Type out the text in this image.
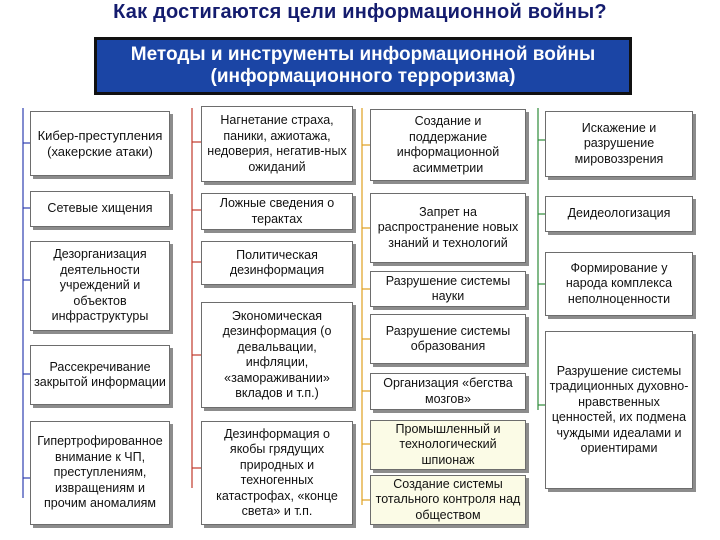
Как достигаются цели информационной войны?
Методы и инструменты информационной войны (информационного терроризма)
Кибер-преступления (хакерские атаки)
Сетевые хищения
Дезорганизация деятельности учреждений и объектов инфраструктуры
Рассекречивание закрытой информации
Гипертрофированное внимание к ЧП, преступлениям, извращениям и прочим аномалиям
Нагнетание страха, паники, ажиотажа, недоверия, негатив-ных ожиданий
Ложные сведения о терактах
Политическая дезинформация
Экономическая дезинформация (о девальвации, инфляции, «замораживании» вкладов и т.п.)
Дезинформация о якобы грядущих природных и техногенных катастрофах, «конце света» и т.п.
Создание и поддержание информационной асимметрии
Запрет на распространение новых знаний и технологий
Разрушение системы науки
Разрушение системы образования
Организация «бегства мозгов»
Промышленный и технологический шпионаж
Создание системы тотального контроля над обществом
Искажение и разрушение мировоззрения
Деидеологизация
Формирование у народа комплекса неполноценности
Разрушение системы традиционных духовно-нравственных ценностей, их подмена чуждыми идеалами и ориентирами
